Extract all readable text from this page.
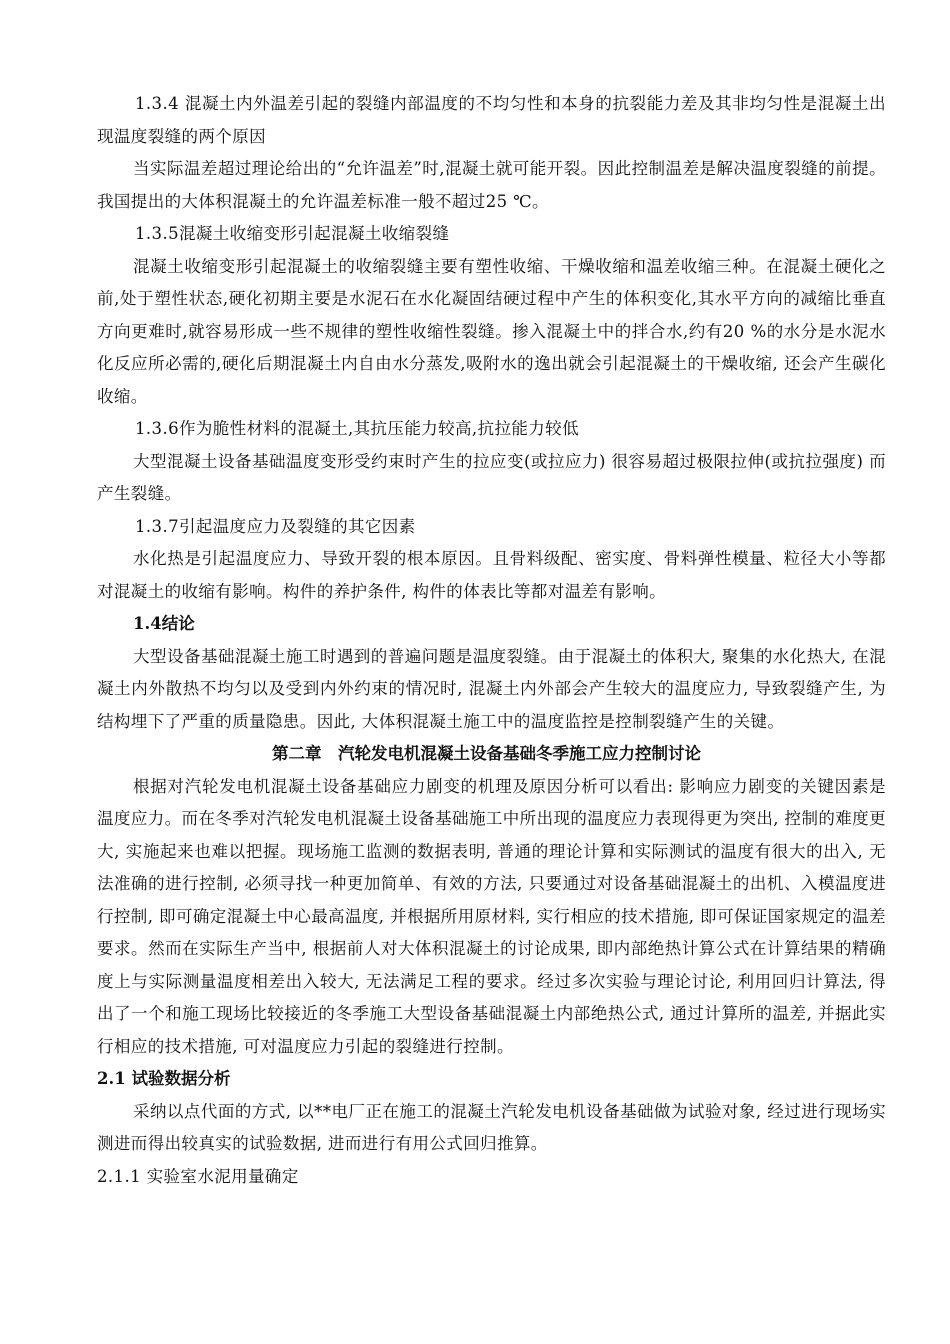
1.3.4 混凝土内外温差引起的裂缝内部温度的不均匀性和本身的抗裂能力差及其非均匀性是混凝土出现温度裂缝的两个原因

当实际温差超过理论给出的“允许温差”时,混凝土就可能开裂。因此控制温差是解决温度裂缝的前提。我国提出的大体积混凝土的允许温差标准一般不超过25 ℃。

1.3.5混凝土收缩变形引起混凝土收缩裂缝

混凝土收缩变形引起混凝土的收缩裂缝主要有塑性收缩、干燥收缩和温差收缩三种。在混凝土硬化之前,处于塑性状态,硬化初期主要是水泥石在水化凝固结硬过程中产生的体积变化,其水平方向的减缩比垂直方向更难时,就容易形成一些不规律的塑性收缩性裂缝。掺入混凝土中的拌合水,约有20 %的水分是水泥水化反应所必需的,硬化后期混凝土内自由水分蒸发,吸附水的逸出就会引起混凝土的干燥收缩, 还会产生碳化收缩。

1.3.6作为脆性材料的混凝土,其抗压能力较高,抗拉能力较低

大型混凝土设备基础温度变形受约束时产生的拉应变(或拉应力) 很容易超过极限拉伸(或抗拉强度) 而产生裂缝。

1.3.7引起温度应力及裂缝的其它因素

水化热是引起温度应力、导致开裂的根本原因。且骨料级配、密实度、骨料弹性模量、粒径大小等都对混凝土的收缩有影响。构件的养护条件, 构件的体表比等都对温差有影响。

1.4结论

大型设备基础混凝土施工时遇到的普遍问题是温度裂缝。由于混凝土的体积大, 聚集的水化热大, 在混凝土内外散热不均匀以及受到内外约束的情况时, 混凝土内外部会产生较大的温度应力, 导致裂缝产生, 为结构埋下了严重的质量隐患。因此, 大体积混凝土施工中的温度监控是控制裂缝产生的关键。

第二章　汽轮发电机混凝土设备基础冬季施工应力控制讨论

根据对汽轮发电机混凝土设备基础应力剧变的机理及原因分析可以看出: 影响应力剧变的关键因素是温度应力。而在冬季对汽轮发电机混凝土设备基础施工中所出现的温度应力表现得更为突出, 控制的难度更大, 实施起来也难以把握。现场施工监测的数据表明, 普通的理论计算和实际测试的温度有很大的出入, 无法准确的进行控制, 必须寻找一种更加简单、有效的方法, 只要通过对设备基础混凝土的出机、入模温度进行控制, 即可确定混凝土中心最高温度, 并根据所用原材料, 实行相应的技术措施, 即可保证国家规定的温差要求。然而在实际生产当中, 根据前人对大体积混凝土的讨论成果, 即内部绝热计算公式在计算结果的精确度上与实际测量温度相差出入较大, 无法满足工程的要求。经过多次实验与理论讨论, 利用回归计算法, 得出了一个和施工现场比较接近的冬季施工大型设备基础混凝土内部绝热公式, 通过计算所的温差, 并据此实行相应的技术措施, 可对温度应力引起的裂缝进行控制。

2.1 试验数据分析

采纳以点代面的方式, 以**电厂正在施工的混凝土汽轮发电机设备基础做为试验对象, 经过进行现场实测进而得出较真实的试验数据, 进而进行有用公式回归推算。

2.1.1 实验室水泥用量确定
